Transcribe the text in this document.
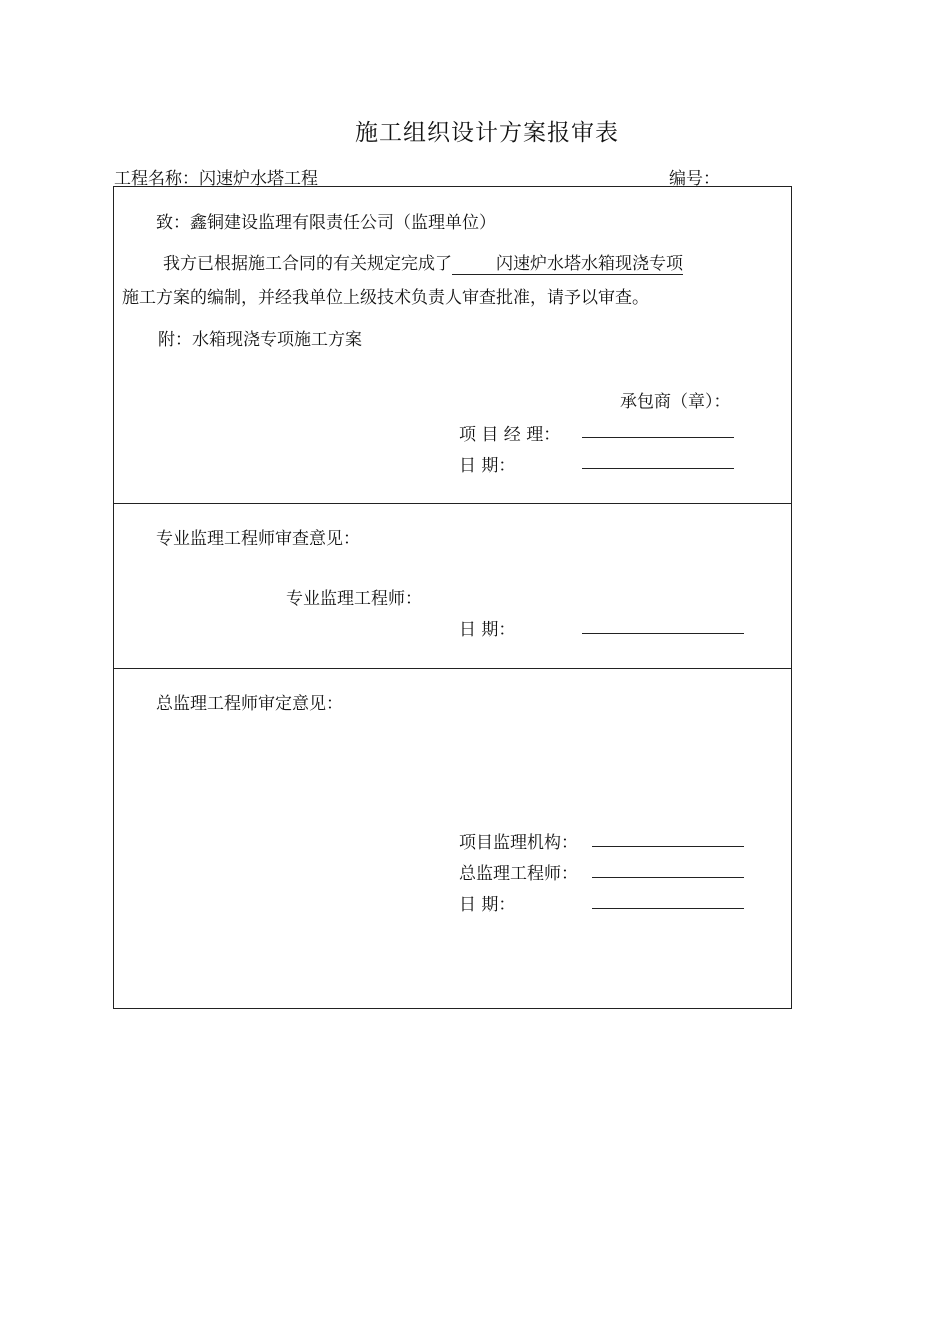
施工组织设计方案报审表
工程名称：闪速炉水塔工程	编号：
致：鑫铜建设监理有限责任公司（监理单位）
我方已根据施工合同的有关规定完成了	闪速炉水塔水箱现浇专项
施工方案的编制，并经我单位上级技术负责人审查批准，请予以审查。
附：水箱现浇专项施工方案
承包商（章）：
项 目 经 理：
日 期：
专业监理工程师审查意见：
专业监理工程师：
日 期：
总监理工程师审定意见：
项目监理机构：
总监理工程师：
日 期：
